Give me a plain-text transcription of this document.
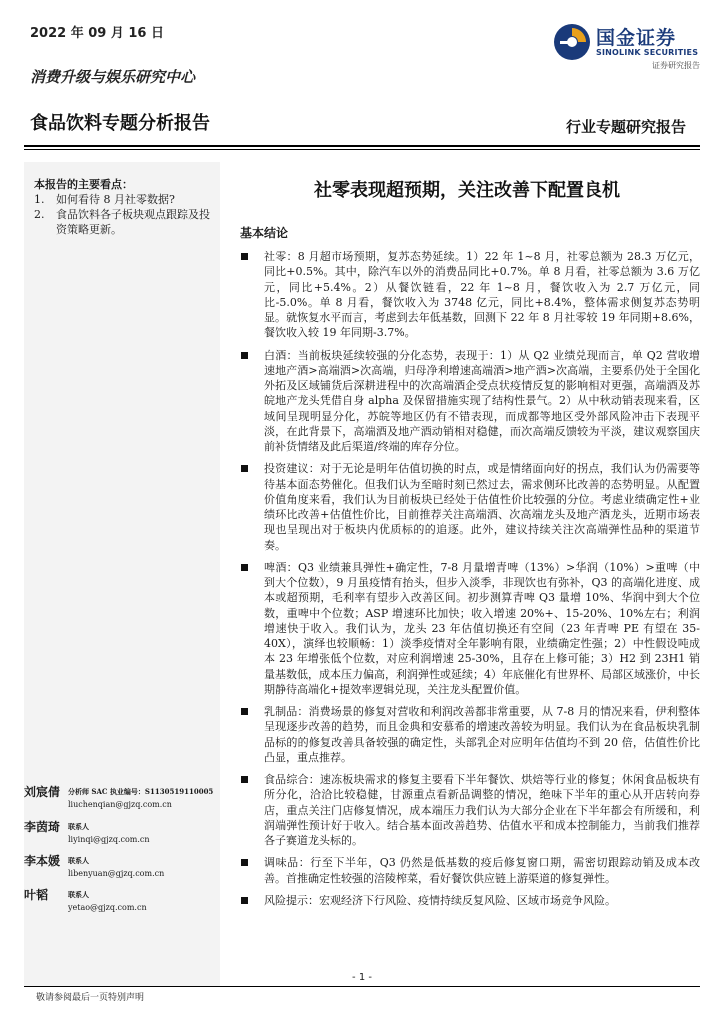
2022 年 09 月 16 日	国金证券
SINOLINK SECURITIES
证券研究报告
消费升级与娱乐研究中心
食品饮料专题分析报告	行业专题研究报告
本报告的主要看点：
1. 如何看待 8 月社零数据?
2. 食品饮料各子板块观点跟踪及投资策略更新。
刘宸倩 分析师 SAC 执业编号：S1130519110005
liuchenqian@gjzq.com.cn
李茵琦 联系人
liyinqi@gjzq.com.cn
李本媛 联系人
libenyuan@gjzq.com.cn
叶韬	联系人
yetao@gjzq.com.cn
社零表现超预期，关注改善下配置良机
基本结论
社零：8 月超市场预期，复苏态势延续。1）22 年 1~8 月，社零总额为 28.3 万亿元，同比+0.5%。其中，除汽车以外的消费品同比+0.7%。单 8 月看，社零总额为 3.6 万亿元，同比+5.4%。2）从餐饮链看，22 年 1~8 月，餐饮收入为 2.7 万亿元，同比-5.0%。单 8 月看，餐饮收入为 3748 亿元，同比+8.4%，整体需求侧复苏态势明显。就恢复水平而言，考虑到去年低基数，回测下 22 年 8 月社零较 19 年同期+8.6%，餐饮收入较 19 年同期-3.7%。
白酒：当前板块延续较强的分化态势，表现于：1）从 Q2 业绩兑现而言，单 Q2 营收增速地产酒>高端酒>次高端，归母净利增速高端酒>地产酒>次高端，主要系仍处于全国化外拓及区域铺货后深耕进程中的次高端酒企受点状疫情反复的影响相对更强，高端酒及苏皖地产龙头凭借自身 alpha 及保留措施实现了结构性景气。2）从中秋动销表现来看，区域间呈现明显分化，苏皖等地区仍有不错表现，而成都等地区受外部风险冲击下表现平淡，在此背景下，高端酒及地产酒动销相对稳健，而次高端反馈较为平淡，建议观察国庆前补货情绪及此后渠道/终端的库存分位。
投资建议：对于无论是明年估值切换的时点，或是情绪面向好的拐点，我们认为仍需要等待基本面态势催化。但我们认为至暗时刻已然过去，需求侧环比改善的态势明显。从配置价值角度来看，我们认为目前板块已经处于估值性价比较强的分位。考虑业绩确定性+业绩环比改善+估值性价比，目前推荐关注高端酒、次高端龙头及地产酒龙头，近期市场表现也呈现出对于板块内优质标的的追逐。此外，建议持续关注次高端弹性品种的渠道节奏。
啤酒：Q3 业绩兼具弹性+确定性，7-8 月量增青啤（13%）>华润（10%）>重啤（中到大个位数），9 月虽疫情有抬头，但步入淡季，非现饮也有弥补，Q3 的高端化进度、成本或超预期，毛利率有望步入改善区间。初步测算青啤 Q3 量增 10%、华润中到大个位数，重啤中个位数；ASP 增速环比加快；收入增速 20%+、15-20%、10%左右；利润增速快于收入。我们认为，龙头 23 年估值切换还有空间（23 年青啤 PE 有望在 35-40X），演绎也较顺畅：1）淡季疫情对全年影响有限，业绩确定性强；2）中性假设吨成本 23 年增张低个位数，对应利润增速 25-30%，且存在上修可能；3）H2 到 23H1 销量基数低，成本压力偏高，利润弹性或延续；4）年底催化有世界杯、局部区域涨价，中长期静待高端化+提效率逻辑兑现，关注龙头配置价值。
乳制品：消费场景的修复对营收和利润改善都非常重要，从 7-8 月的情况来看，伊利整体呈现逐步改善的趋势，而且金典和安慕希的增速改善较为明显。我们认为在食品板块乳制品标的的修复改善具备较强的确定性，头部乳企对应明年估值均不到 20 倍，估值性价比凸显，重点推荐。
食品综合：速冻板块需求的修复主要看下半年餐饮、烘焙等行业的修复；休闲食品板块有所分化，洽洽比较稳健，甘源重点看新品调整的情况，绝味下半年的重心从开店转向券店，重点关注门店修复情况，成本端压力我们认为大部分企业在下半年都会有所缓和，利润端弹性预计好于收入。结合基本面改善趋势、估值水平和成本控制能力，当前我们推荐各子赛道龙头标的。
调味品：行至下半年，Q3 仍然是低基数的疫后修复窗口期，需密切跟踪动销及成本改善。首推确定性较强的涪陵榨菜，看好餐饮供应链上游渠道的修复弹性。
风险提示：宏观经济下行风险、疫情持续反复风险、区域市场竞争风险。
- 1 -
敬请参阅最后一页特别声明
